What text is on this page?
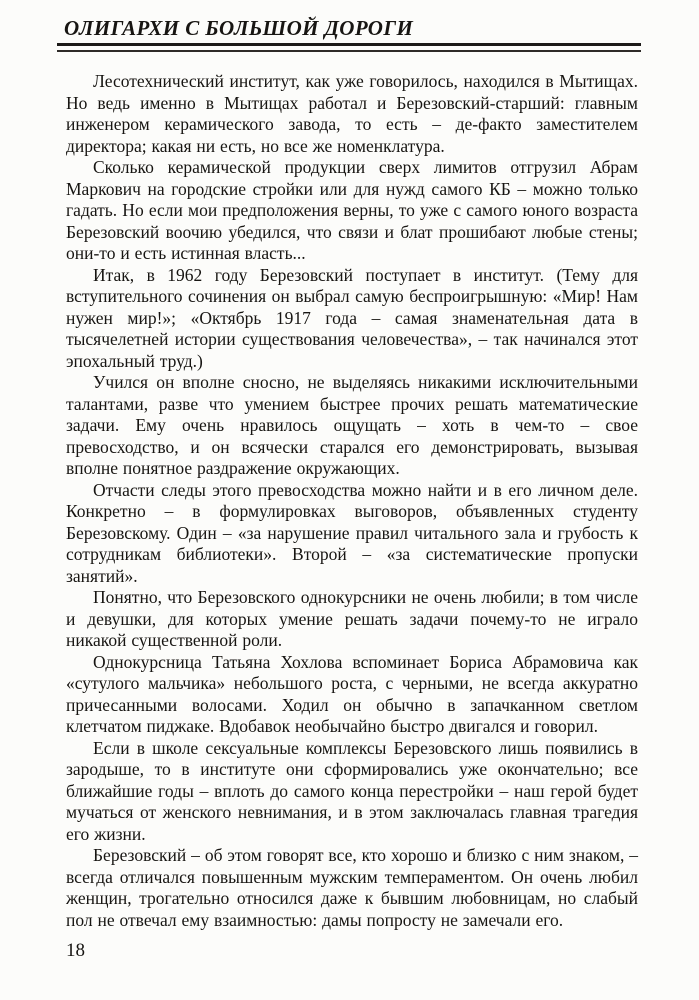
ОЛИГАРХИ С БОЛЬШОЙ ДОРОГИ

Лесотехнический институт, как уже говорилось, находился в Мытищах. Но ведь именно в Мытищах работал и Березовский-старший: главным инженером керамического завода, то есть – де-факто заместителем директора; какая ни есть, но все же номенклатура.

Сколько керамической продукции сверх лимитов отгрузил Абрам Маркович на городские стройки или для нужд самого КБ – можно только гадать. Но если мои предположения верны, то уже с самого юного возраста Березовский воочию убедился, что связи и блат прошибают любые стены; они-то и есть истинная власть...

Итак, в 1962 году Березовский поступает в институт. (Тему для вступительного сочинения он выбрал самую беспроигрышную: «Мир! Нам нужен мир!»; «Октябрь 1917 года – самая знаменательная дата в тысячелетней истории существования человечества», – так начинался этот эпохальный труд.)

Учился он вполне сносно, не выделяясь никакими исключительными талантами, разве что умением быстрее прочих решать математические задачи. Ему очень нравилось ощущать – хоть в чем-то – свое превосходство, и он всячески старался его демонстрировать, вызывая вполне понятное раздражение окружающих.

Отчасти следы этого превосходства можно найти и в его личном деле. Конкретно – в формулировках выговоров, объявленных студенту Березовскому. Один – «за нарушение правил читального зала и грубость к сотрудникам библиотеки». Второй – «за систематические пропуски занятий».

Понятно, что Березовского однокурсники не очень любили; в том числе и девушки, для которых умение решать задачи почему-то не играло никакой существенной роли.

Однокурсница Татьяна Хохлова вспоминает Бориса Абрамовича как «сутулого мальчика» небольшого роста, с черными, не всегда аккуратно причесанными волосами. Ходил он обычно в запачканном светлом клетчатом пиджаке. Вдобавок необычайно быстро двигался и говорил.

Если в школе сексуальные комплексы Березовского лишь появились в зародыше, то в институте они сформировались уже окончательно; все ближайшие годы – вплоть до самого конца перестройки – наш герой будет мучаться от женского невнимания, и в этом заключалась главная трагедия его жизни.

Березовский – об этом говорят все, кто хорошо и близко с ним знаком, – всегда отличался повышенным мужским темпераментом. Он очень любил женщин, трогательно относился даже к бывшим любовницам, но слабый пол не отвечал ему взаимностью: дамы попросту не замечали его.

18
